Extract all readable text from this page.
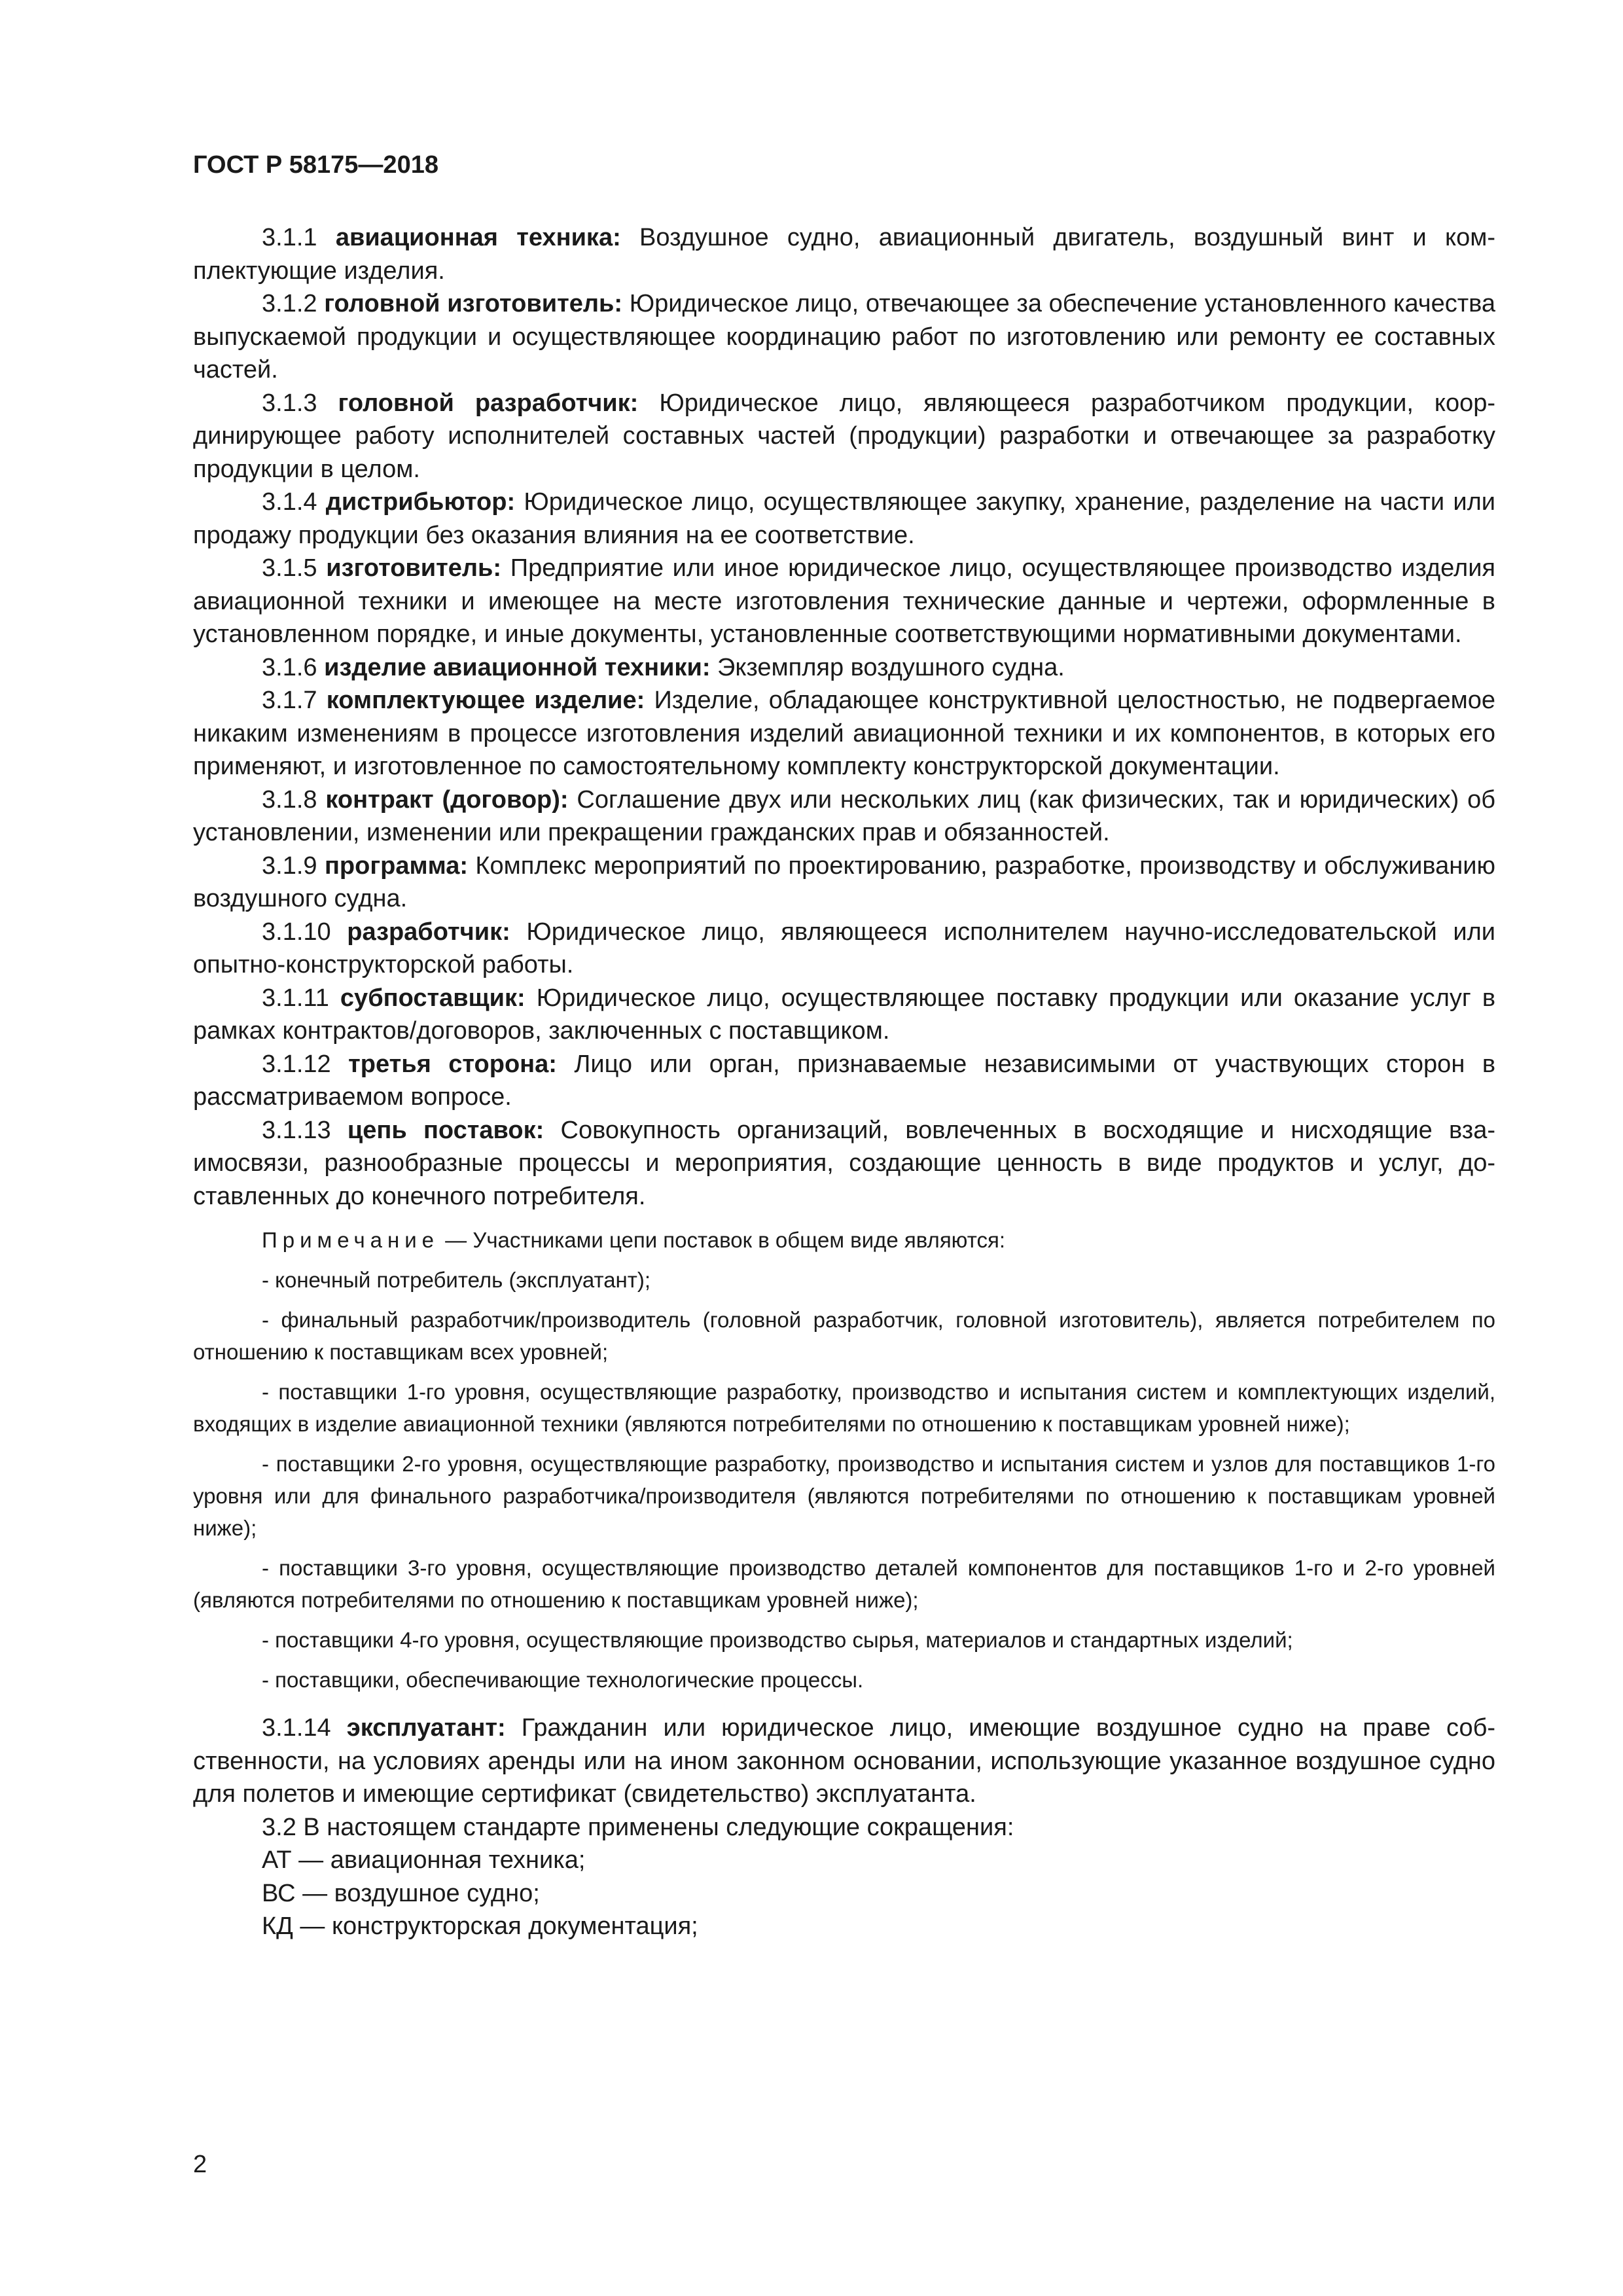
ГОСТ Р 58175—2018

3.1.1 авиационная техника: Воздушное судно, авиационный двигатель, воздушный винт и комплектующие изделия.

3.1.2 головной изготовитель: Юридическое лицо, отвечающее за обеспечение установленного качества выпускаемой продукции и осуществляющее координацию работ по изготовлению или ремонту ее составных частей.

3.1.3 головной разработчик: Юридическое лицо, являющееся разработчиком продукции, координирующее работу исполнителей составных частей (продукции) разработки и отвечающее за разработку продукции в целом.

3.1.4 дистрибьютор: Юридическое лицо, осуществляющее закупку, хранение, разделение на части или продажу продукции без оказания влияния на ее соответствие.

3.1.5 изготовитель: Предприятие или иное юридическое лицо, осуществляющее производство изделия авиационной техники и имеющее на месте изготовления технические данные и чертежи, оформленные в установленном порядке, и иные документы, установленные соответствующими нормативными документами.

3.1.6 изделие авиационной техники: Экземпляр воздушного судна.

3.1.7 комплектующее изделие: Изделие, обладающее конструктивной целостностью, не подвергаемое никаким изменениям в процессе изготовления изделий авиационной техники и их компонентов, в которых его применяют, и изготовленное по самостоятельному комплекту конструкторской документации.

3.1.8 контракт (договор): Соглашение двух или нескольких лиц (как физических, так и юридических) об установлении, изменении или прекращении гражданских прав и обязанностей.

3.1.9 программа: Комплекс мероприятий по проектированию, разработке, производству и обслуживанию воздушного судна.

3.1.10 разработчик: Юридическое лицо, являющееся исполнителем научно-исследовательской или опытно-конструкторской работы.

3.1.11 субпоставщик: Юридическое лицо, осуществляющее поставку продукции или оказание услуг в рамках контрактов/договоров, заключенных с поставщиком.

3.1.12 третья сторона: Лицо или орган, признаваемые независимыми от участвующих сторон в рассматриваемом вопросе.

3.1.13 цепь поставок: Совокупность организаций, вовлеченных в восходящие и нисходящие взаимосвязи, разнообразные процессы и мероприятия, создающие ценность в виде продуктов и услуг, доставленных до конечного потребителя.

Примечание — Участниками цепи поставок в общем виде являются:

- конечный потребитель (эксплуатант);

- финальный разработчик/производитель (головной разработчик, головной изготовитель), является потребителем по отношению к поставщикам всех уровней;

- поставщики 1-го уровня, осуществляющие разработку, производство и испытания систем и комплектующих изделий, входящих в изделие авиационной техники (являются потребителями по отношению к поставщикам уровней ниже);

- поставщики 2-го уровня, осуществляющие разработку, производство и испытания систем и узлов для поставщиков 1-го уровня или для финального разработчика/производителя (являются потребителями по отношению к поставщикам уровней ниже);

- поставщики 3-го уровня, осуществляющие производство деталей компонентов для поставщиков 1-го и 2-го уровней (являются потребителями по отношению к поставщикам уровней ниже);

- поставщики 4-го уровня, осуществляющие производство сырья, материалов и стандартных изделий;

- поставщики, обеспечивающие технологические процессы.

3.1.14 эксплуатант: Гражданин или юридическое лицо, имеющие воздушное судно на праве собственности, на условиях аренды или на ином законном основании, использующие указанное воздушное судно для полетов и имеющие сертификат (свидетельство) эксплуатанта.

3.2 В настоящем стандарте применены следующие сокращения:

АТ — авиационная техника;

ВС — воздушное судно;

КД — конструкторская документация;

2
